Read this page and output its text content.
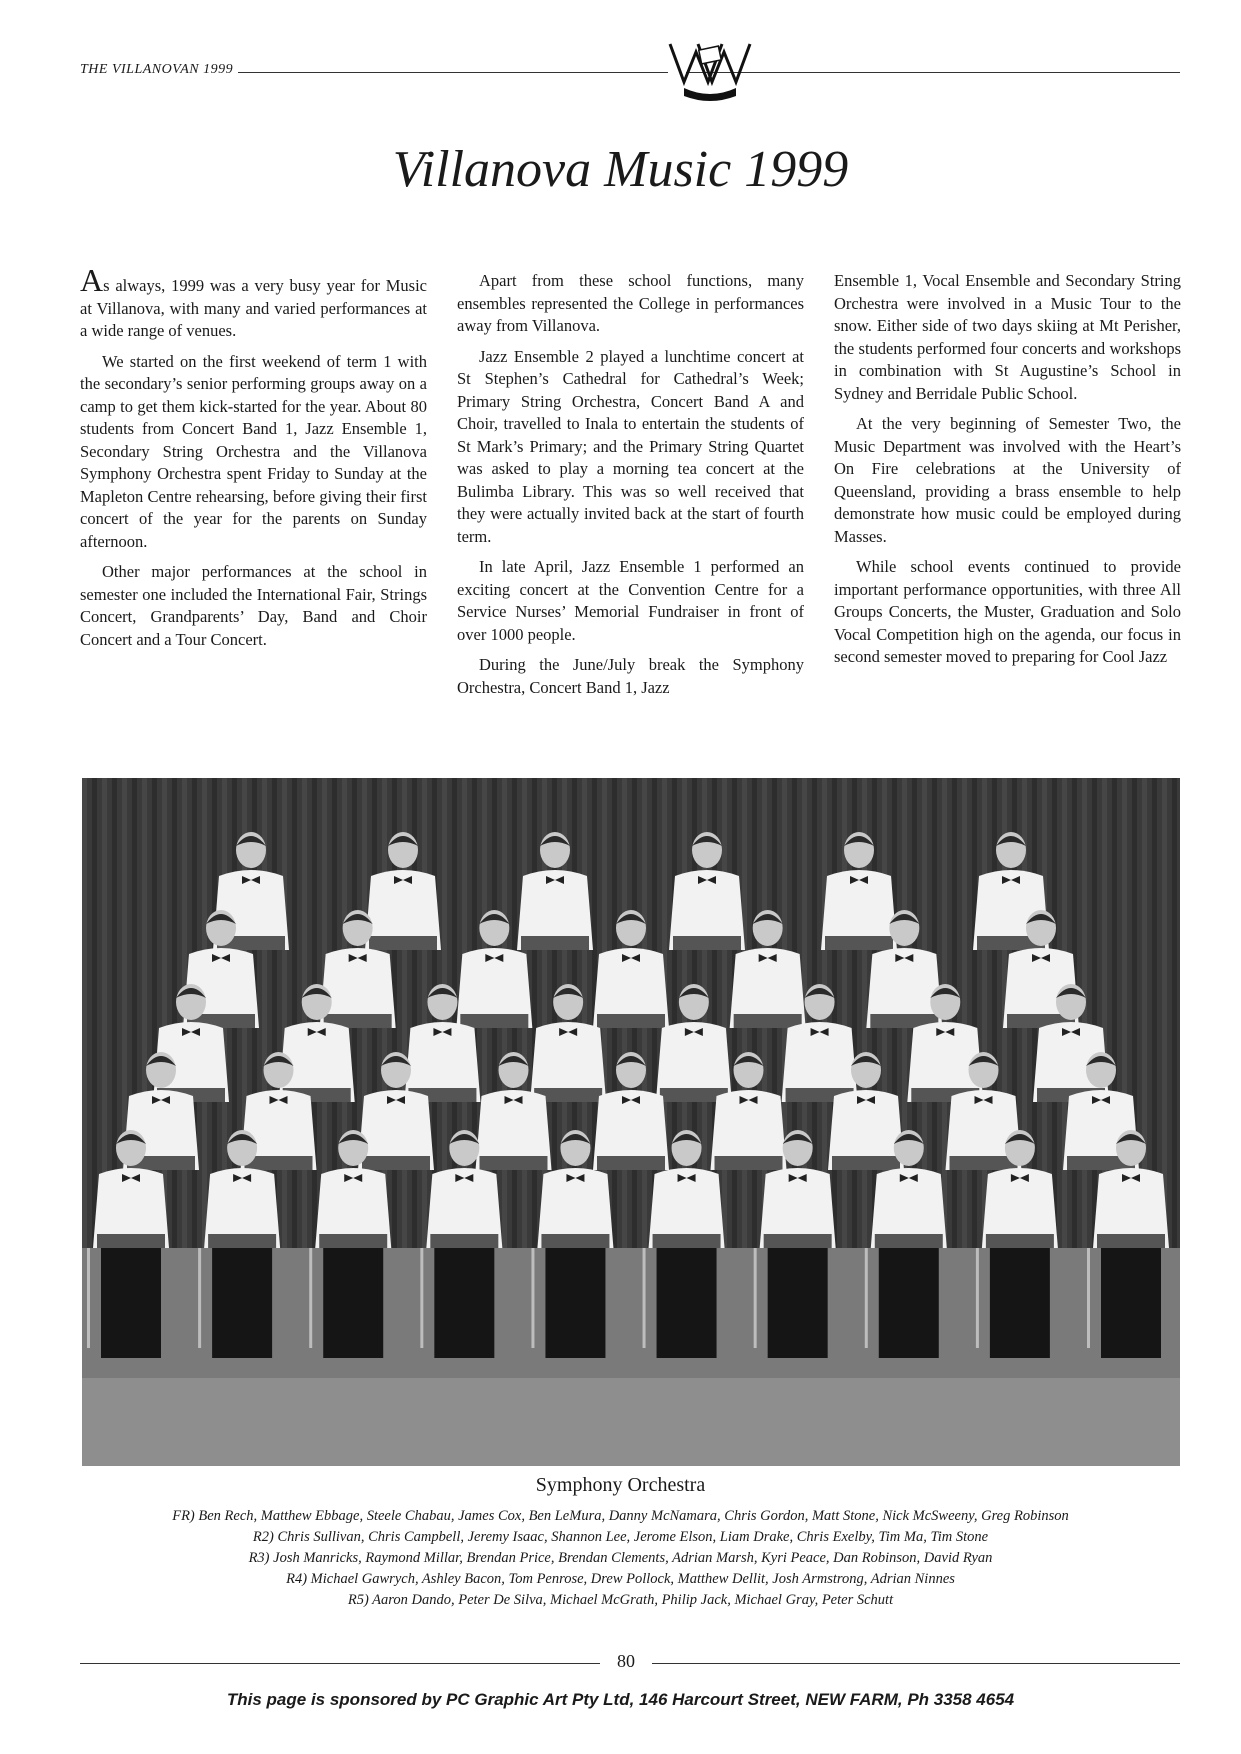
THE VILLANOVAN 1999
Villanova Music 1999

As always, 1999 was a very busy year for Music at Villanova, with many and varied performances at a wide range of venues.

We started on the first weekend of term 1 with the secondary’s senior performing groups away on a camp to get them kick-started for the year. About 80 students from Concert Band 1, Jazz Ensemble 1, Secondary String Orchestra and the Villanova Symphony Orchestra spent Friday to Sunday at the Mapleton Centre rehearsing, before giving their first concert of the year for the parents on Sunday afternoon.

Other major performances at the school in semester one included the International Fair, Strings Concert, Grandparents’ Day, Band and Choir Concert and a Tour Concert.

Apart from these school functions, many ensembles represented the College in performances away from Villanova.

Jazz Ensemble 2 played a lunchtime concert at St Stephen’s Cathedral for Cathedral’s Week; Primary String Orchestra, Concert Band A and Choir, travelled to Inala to entertain the students of St Mark’s Primary; and the Primary String Quartet was asked to play a morning tea concert at the Bulimba Library. This was so well received that they were actually invited back at the start of fourth term.

In late April, Jazz Ensemble 1 performed an exciting concert at the Convention Centre for a Service Nurses’ Memorial Fundraiser in front of over 1000 people.

During the June/July break the Symphony Orchestra, Concert Band 1, Jazz

Ensemble 1, Vocal Ensemble and Secondary String Orchestra were involved in a Music Tour to the snow. Either side of two days skiing at Mt Perisher, the students performed four concerts and workshops in combination with St Augustine’s School in Sydney and Berridale Public School.

At the very beginning of Semester Two, the Music Department was involved with the Heart’s On Fire celebrations at the University of Queensland, providing a brass ensemble to help demonstrate how music could be employed during Masses.

While school events continued to provide important performance opportunities, with three All Groups Concerts, the Muster, Graduation and Solo Vocal Competition high on the agenda, our focus in second semester moved to preparing for Cool Jazz

Symphony Orchestra
FR) Ben Rech, Matthew Ebbage, Steele Chabau, James Cox, Ben LeMura, Danny McNamara, Chris Gordon, Matt Stone, Nick McSweeny, Greg Robinson
R2) Chris Sullivan, Chris Campbell, Jeremy Isaac, Shannon Lee, Jerome Elson, Liam Drake, Chris Exelby, Tim Ma, Tim Stone
R3) Josh Manricks, Raymond Millar, Brendan Price, Brendan Clements, Adrian Marsh, Kyri Peace, Dan Robinson, David Ryan
R4) Michael Gawrych, Ashley Bacon, Tom Penrose, Drew Pollock, Matthew Dellit, Josh Armstrong, Adrian Ninnes
R5) Aaron Dando, Peter De Silva, Michael McGrath, Philip Jack, Michael Gray, Peter Schutt
80
This page is sponsored by PC Graphic Art Pty Ltd, 146 Harcourt Street, NEW FARM, Ph 3358 4654
